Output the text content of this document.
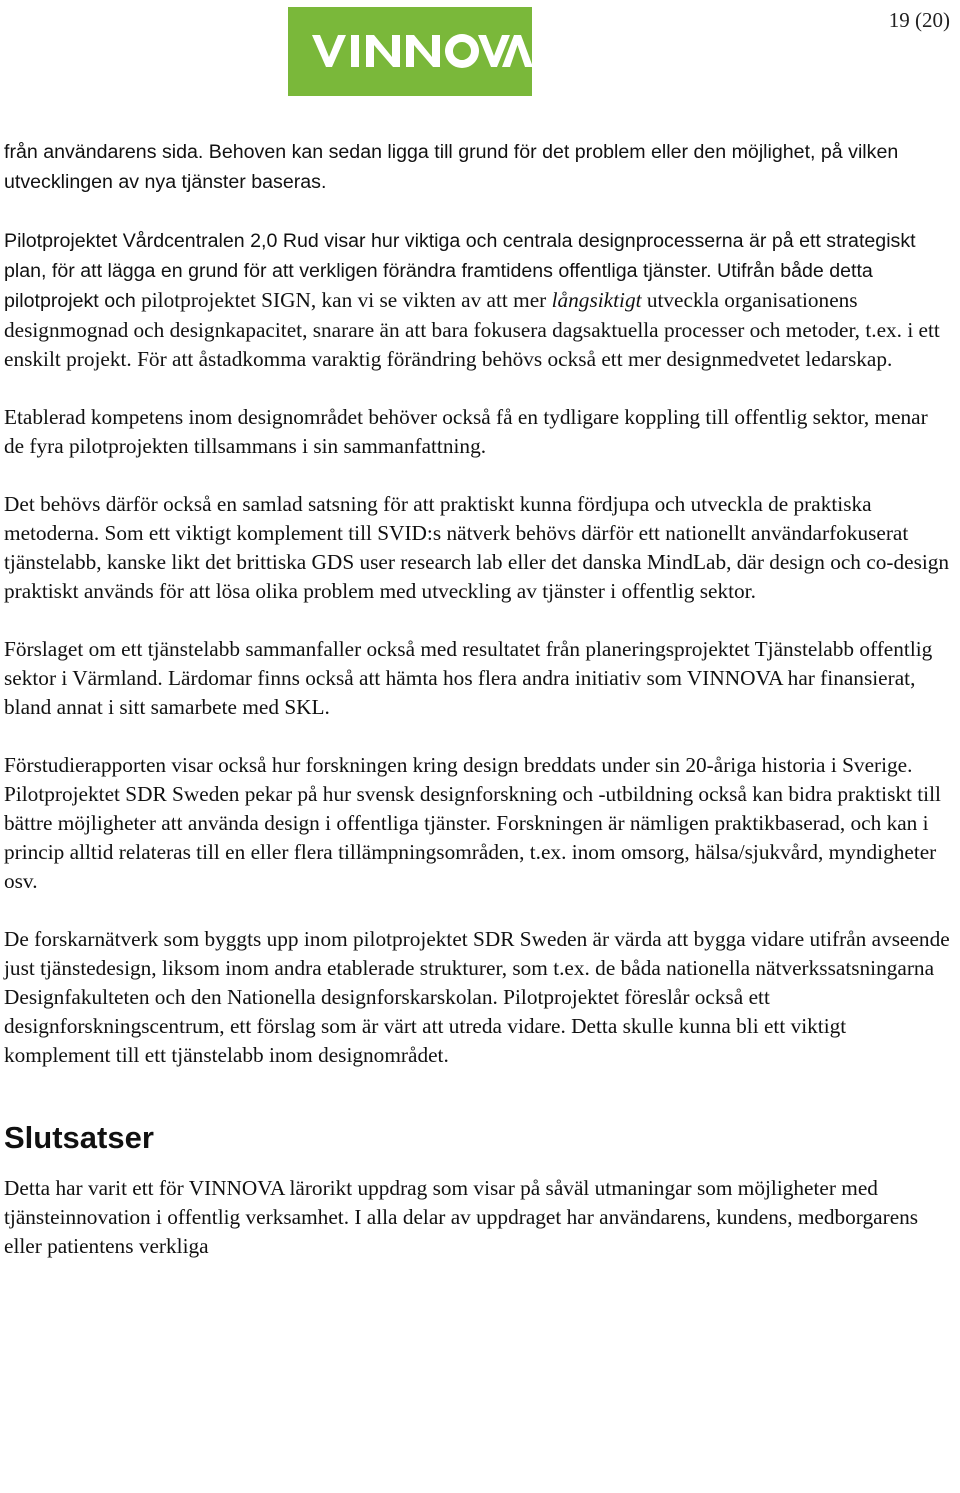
19 (20)

från användarens sida. Behoven kan sedan ligga till grund för det problem eller den möjlighet, på vilken utvecklingen av nya tjänster baseras.

Pilotprojektet Vårdcentralen 2,0 Rud visar hur viktiga och centrala designprocesserna är på ett strategiskt plan, för att lägga en grund för att verkligen förändra framtidens offentliga tjänster. Utifrån både detta pilotprojekt och pilotprojektet SIGN, kan vi se vikten av att mer långsiktigt utveckla organisationens designmognad och designkapacitet, snarare än att bara fokusera dagsaktuella processer och metoder, t.ex. i ett enskilt projekt. För att åstadkomma varaktig förändring behövs också ett mer designmedvetet ledarskap.

Etablerad kompetens inom designområdet behöver också få en tydligare koppling till offentlig sektor, menar de fyra pilotprojekten tillsammans i sin sammanfattning.

Det behövs därför också en samlad satsning för att praktiskt kunna fördjupa och utveckla de praktiska metoderna. Som ett viktigt komplement till SVID:s nätverk behövs därför ett nationellt användarfokuserat tjänstelabb, kanske likt det brittiska GDS user research lab eller det danska MindLab, där design och co-design praktiskt används för att lösa olika problem med utveckling av tjänster i offentlig sektor.

Förslaget om ett tjänstelabb sammanfaller också med resultatet från planeringsprojektet Tjänstelabb offentlig sektor i Värmland. Lärdomar finns också att hämta hos flera andra initiativ som VINNOVA har finansierat, bland annat i sitt samarbete med SKL.

Förstudierapporten visar också hur forskningen kring design breddats under sin 20-åriga historia i Sverige. Pilotprojektet SDR Sweden pekar på hur svensk designforskning och -utbildning också kan bidra praktiskt till bättre möjligheter att använda design i offentliga tjänster. Forskningen är nämligen praktikbaserad, och kan i princip alltid relateras till en eller flera tillämpningsområden, t.ex. inom omsorg, hälsa/sjukvård, myndigheter osv.

De forskarnätverk som byggts upp inom pilotprojektet SDR Sweden är värda att bygga vidare utifrån avseende just tjänstedesign, liksom inom andra etablerade strukturer, som t.ex. de båda nationella nätverkssatsningarna Designfakulteten och den Nationella designforskarskolan. Pilotprojektet föreslår också ett designforskningscentrum, ett förslag som är värt att utreda vidare. Detta skulle kunna bli ett viktigt komplement till ett tjänstelabb inom designområdet.

Slutsatser

Detta har varit ett för VINNOVA lärorikt uppdrag som visar på såväl utmaningar som möjligheter med tjänsteinnovation i offentlig verksamhet. I alla delar av uppdraget har användarens, kundens, medborgarens eller patientens verkliga
